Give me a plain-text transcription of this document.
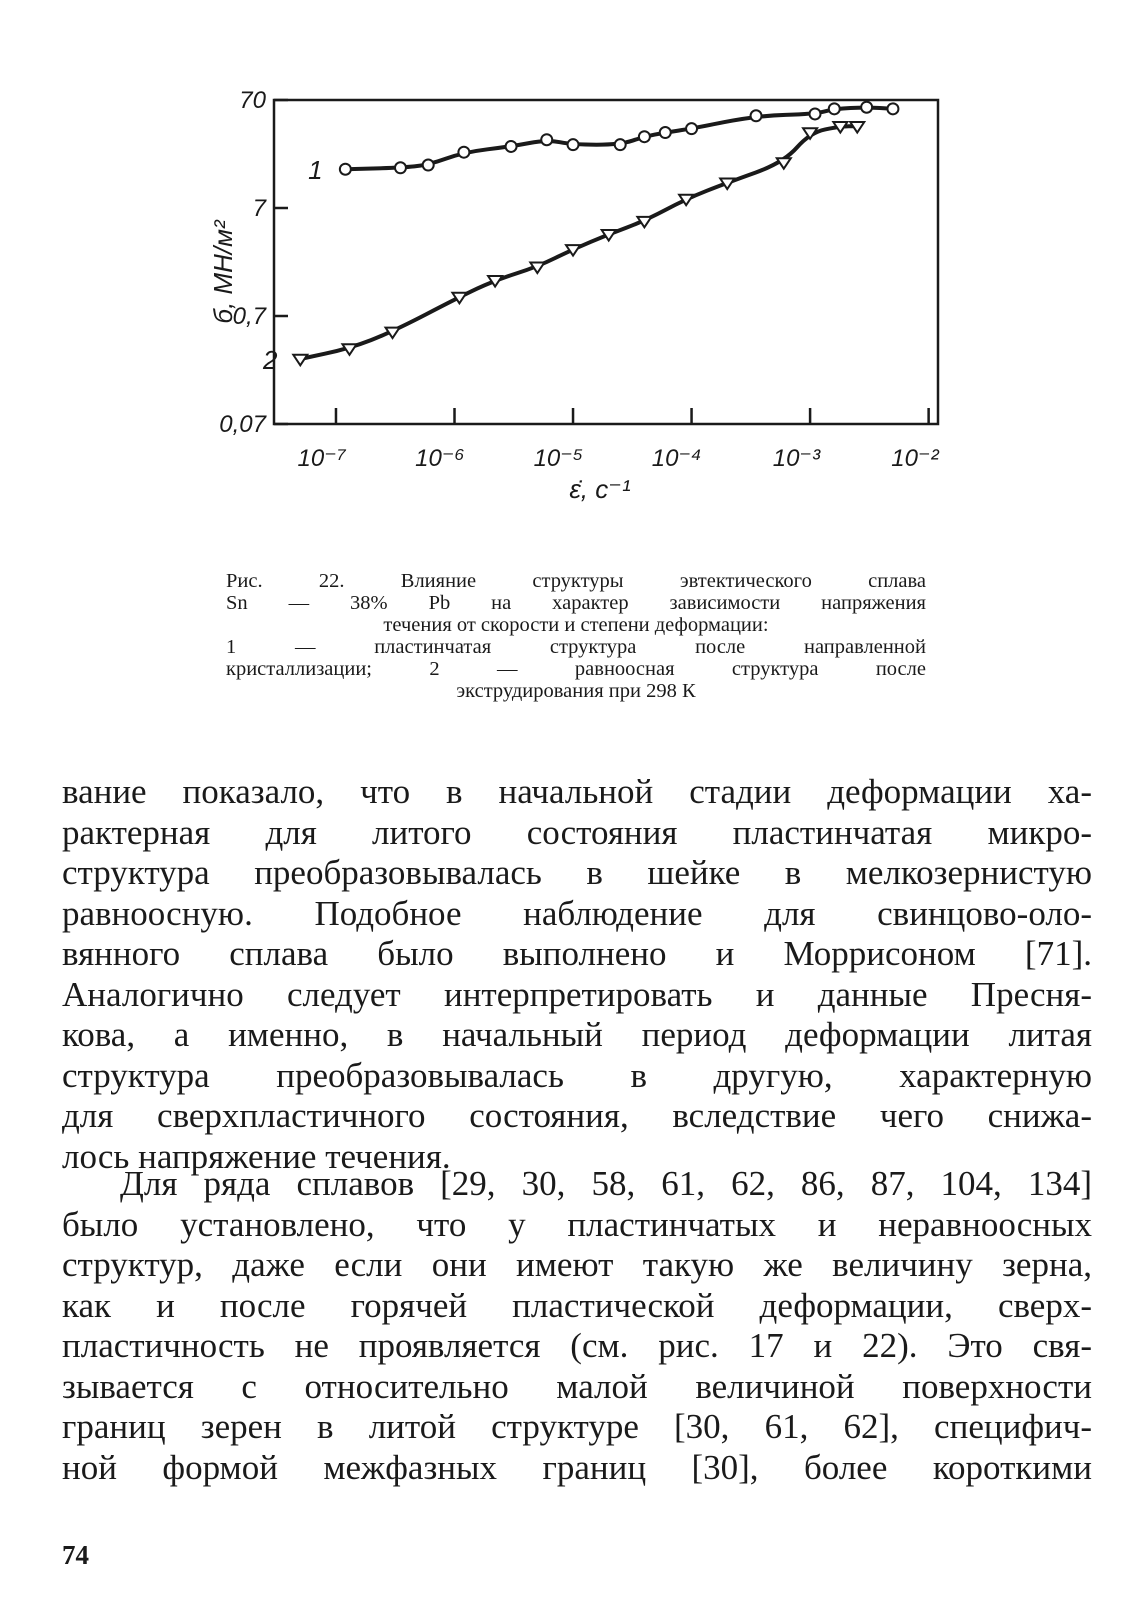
0,07
0,7
7
70
10⁻⁷	10⁻⁶	10⁻⁵	10⁻⁴	10⁻³	10⁻²
ε̇, c⁻¹
б, МН/м²
1
2
Рис. 22. Влияние структуры эвтектического сплава
Sn — 38% Pb на характер зависимости напряжения
течения от скорости и степени деформации:
1 — пластинчатая структура после направленной
кристаллизации; 2 — равноосная структура после
экструдирования при 298 К
вание показало, что в начальной стадии деформации ха-
рактерная для литого состояния пластинчатая микро-
структура преобразовывалась в шейке в мелкозернистую
равноосную. Подобное наблюдение для свинцово-оло-
вянного сплава было выполнено и Моррисоном [71].
Аналогично следует интерпретировать и данные Пресня-
кова, а именно, в начальный период деформации литая
структура преобразовывалась в другую, характерную
для сверхпластичного состояния, вследствие чего снижа-
лось напряжение течения.
Для ряда сплавов [29, 30, 58, 61, 62, 86, 87, 104, 134]
было установлено, что у пластинчатых и неравноосных
структур, даже если они имеют такую же величину зерна,
как и после горячей пластической деформации, сверх-
пластичность не проявляется (см. рис. 17 и 22). Это свя-
зывается с относительно малой величиной поверхности
границ зерен в литой структуре [30, 61, 62], специфич-
ной формой межфазных границ [30], более короткими
74
